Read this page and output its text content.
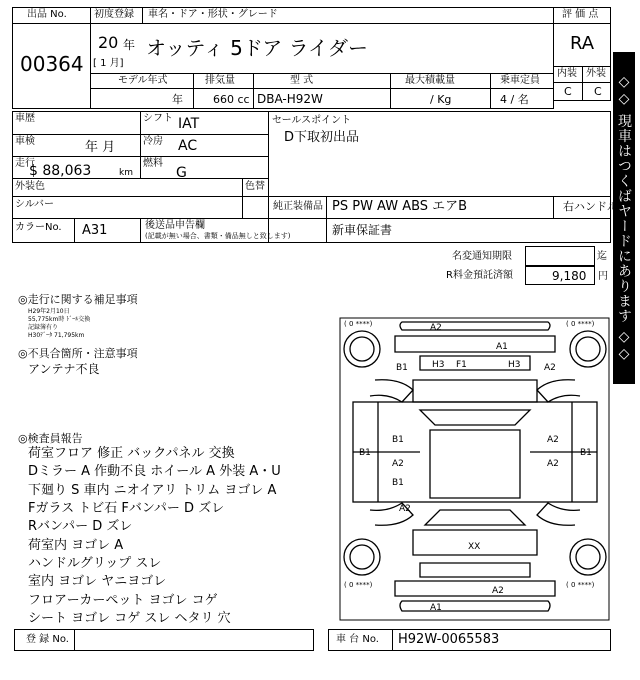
出品 No.
00364
初度登録 車名・ドア・形状・グレード
20 年
[ 1 月]
オッティ 5ドア ライダー
モデル年式	排気量	型 式	最大積載量	乗車定員
年	660 cc DBA-H92W	/ Kg	4 / 名
評 価 点
RA
内装 外装
C C ◇◇ 現車はつくばヤードにあります ◇◇
車歴
車検	年 月
走行
$ 88,063	km
シフト IAT
冷房 AC
燃料
G
セールスポイント
D下取初出品
外装色
シルバー
色替
純正装備品 PS PW AW ABS エアB	右ハンドル
カラーNo. A31	後送品申告欄
(記載が無い場合、書類・備品無しと致します)	新車保証書
名変通知期限	迄
R料金預託済額	9,180 円
◎走行に関する補足事項
H29年2月10日
55,775km時 ﾄﾞｰﾙ交換
記録簿有り
H30ﾃﾞｰﾀ 71,795km
◎不具合箇所・注意事項
アンテナ不良
◎検査員報告
荷室フロア 修正 バックパネル 交換
Dミラー A 作動不良 ホイール A 外装 A・U
下廻り S 車内 ニオイアリ トリム ヨゴレ A
Fガラス トビ石 Fバンパー D ズレ
Rバンパー D ズレ
荷室内 ヨゴレ A
ハンドルグリップ スレ
室内 ヨゴレ ヤニヨゴレ
フロアーカーペット ヨゴレ コゲ
シート ヨゴレ コゲ スレ ヘタリ 穴
( 0 ****)	( 0 ****)
( 0 ****)	( 0 ****)
A2
A1
H3 F1	H3
B1	A2
B1
B1	A2
A2
B1
A2
B1
A2
XX
A2
A1
登 録 No.	車 台 No. H92W-0065583
